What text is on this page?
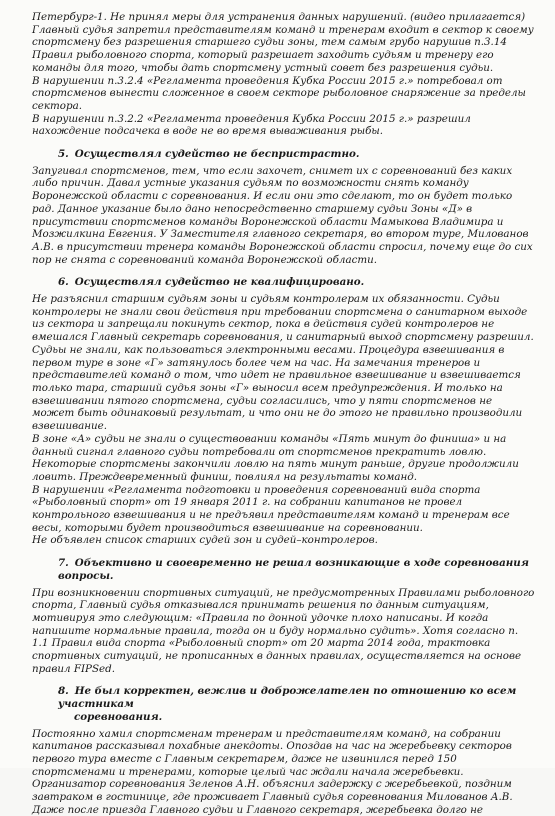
Петербург-1. Не принял меры для устранения данных нарушений. (видео прилагается)

Главный судья запретил представителям команд и тренерам входит в сектор к своему спортсмену без разрешения старшего судьи зоны, тем самым грубо нарушив п.3.14 Правил рыболовного спорта, который разрешает заходить судьям и тренеру его команды для того, чтобы дать спортсмену устный совет без разрешения судьи.

В нарушении п.3.2.4 «Регламента проведения Кубка России 2015 г.» потребовал от спортсменов вынести сложенное в своем секторе рыболовное снаряжение за пределы сектора.

В нарушении п.3.2.2 «Регламента проведения Кубка России 2015 г.» разрешил нахождение подсачека в воде не во время вываживания рыбы.

5. Осуществлял судейство не беспристрастно.

Запугивал спортсменов, тем, что если захочет, снимет их с соревнований без каких либо причин. Давал устные указания судьям по возможности снять команду Воронежской области с соревнования. И если они это сделают, то он будет только рад. Данное указание было дано непосредственно старшему судьи Зоны «Д» в присутствии спортсменов команды Воронежской области Мамыкова Владимира и Мозжилкина Евгения. У Заместителя главного секретаря, во втором туре, Милованов А.В. в присутствии тренера команды Воронежской области спросил, почему еще до сих пор не снята с соревнований команда Воронежской области.

6. Осуществлял судейство не квалифицировано.

Не разъяснил старшим судьям зоны и судьям контролерам их обязанности. Судьи контролеры не знали свои действия при требовании спортсмена о санитарном выходе из сектора и запрещали покинуть сектор, пока в действия судей контролеров не вмешался Главный секретарь соревнования, и санитарный выход спортсмену разрешил. Судьы не знали, как пользоваться электронными весами. Процедура взвешивания в первом туре в зоне «Г» затянулось более чем на час. На замечания тренеров и представителей команд о том, что идет не правильное взвешивание и взвешивается только тара, старший судья зоны «Г» выносил всем предупреждения. И только на взвешивании пятого спортсмена, судьи согласились, что у пяти спортсменов не может быть одинаковый результат, и что они не до этого не правильно производили взвешивание.

В зоне «А» судьи не знали о существовании команды «Пять минут до финиша» и на данный сигнал главного судьи потребовали от спортсменов прекратить ловлю. Некоторые спортсмены закончили ловлю на пять минут раньше, другие продолжили ловить. Преждевременный финиш, повлиял на результаты команд.

В нарушении «Регламента подготовки и проведения соревнований вида спорта «Рыболовный спорт» от 19 января 2011 г. на собрании капитанов не провел контрольного взвешивания и не предъявил представителям команд и тренерам все весы, которыми будет производиться взвешивание на соревновании.

Не объявлен список старших судей зон и судей–контролеров.

7. Объективно и своевременно не решал возникающие в ходе соревнования вопросы.

При возникновении спортивных ситуаций, не предусмотренных Правилами рыболовного спорта, Главный судья отказывался принимать решения по данным ситуациям, мотивируя это следующим: «Правила по донной удочке плохо написаны. И когда напишите нормальные правила, тогда он и буду нормально судить». Хотя согласно п. 1.1 Правил вида спорта «Рыболовный спорт» от 20 марта 2014 года, трактовка спортивных ситуаций, не прописанных в данных правилах, осуществляется на основе правил FIPSed.

8. Не был корректен, вежлив и доброжелателен по отношению ко всем участникам
соревнования.

Постоянно хамил спортсменам тренерам и представителям команд, на собрании капитанов рассказывал похабные анекдоты. Опоздав на час на жеребьевку секторов первого тура вместе с Главным секретарем, даже не извинился перед 150 спортсменами и тренерами, которые целый час ждали начала жеребьевки. Организатор соревнования Зеленов А.Н. объяснил задержку с жеребьевкой, поздним завтраком в гостинице, где проживает Главный судья соревнования Милованов А.В. Даже после приезда Главного судьи и Главного секретаря, жеребьевка долго не
